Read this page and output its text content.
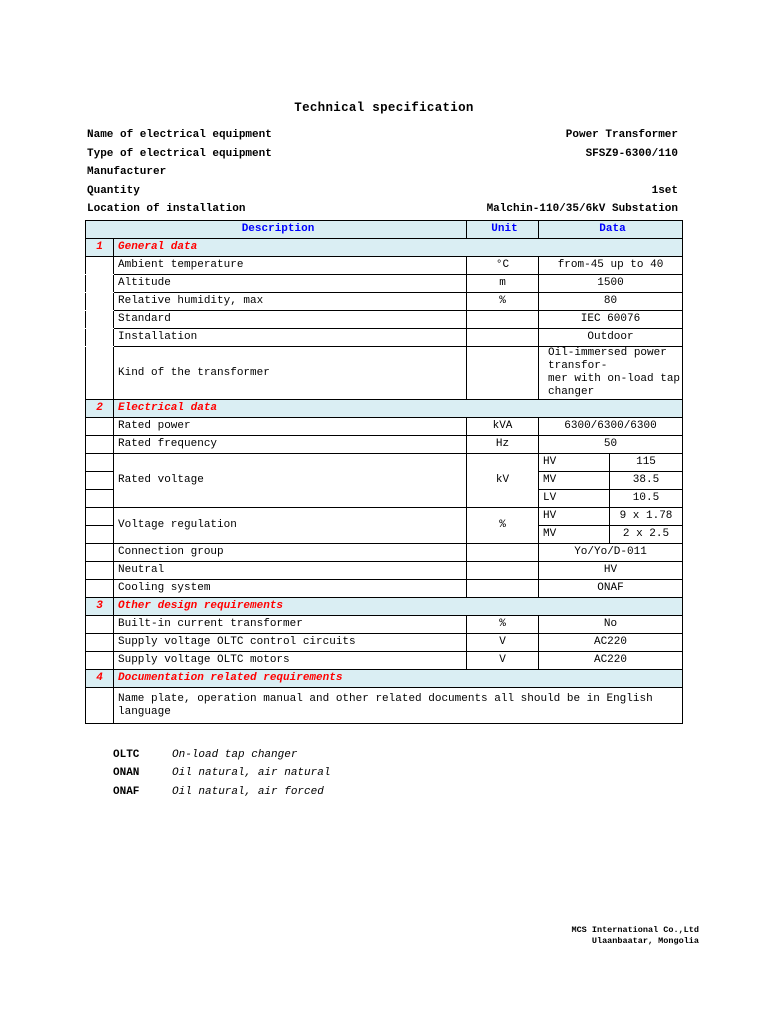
Technical specification
Name of electrical equipment	Power Transformer
Type of electrical equipment	SFSZ9-6300/110
Manufacturer
Quantity	1set
Location of installation	Malchin-110/35/6kV Substation
Description		Unit	Data	
1	General data			
	Ambient temperature	°C	from-45 up to 40	
	Altitude	m	1500	
	Relative humidity, max	%	80	
	Standard		IEC 60076	
	Installation		Outdoor	
	Kind of the transformer		Oil-immersed power transfor-
mer with on-load tap changer	
2	Electrical data			
	Rated power	kVA	6300/6300/6300	
	Rated frequency	Hz	50	
	Rated voltage	kV	HV	115
			MV	38.5
			LV	10.5
	Voltage regulation	%	HV	9 x 1.78
			MV	2 x 2.5
	Connection group		Yo/Yo/D-011	
	Neutral		HV	
	Cooling system		ONAF	
3	Other design requirements			
	Built-in current transformer	%	No	
	Supply voltage OLTC control circuits	V	AC220	
	Supply voltage OLTC motors	V	AC220	
4	Documentation related requirements			
	Name plate, operation manual and other related documents all should be in English language			
OLTC	On-load tap changer
ONAN	Oil natural, air natural
ONAF	Oil natural, air forced
MCS International Co.,Ltd
Ulaanbaatar, Mongolia
